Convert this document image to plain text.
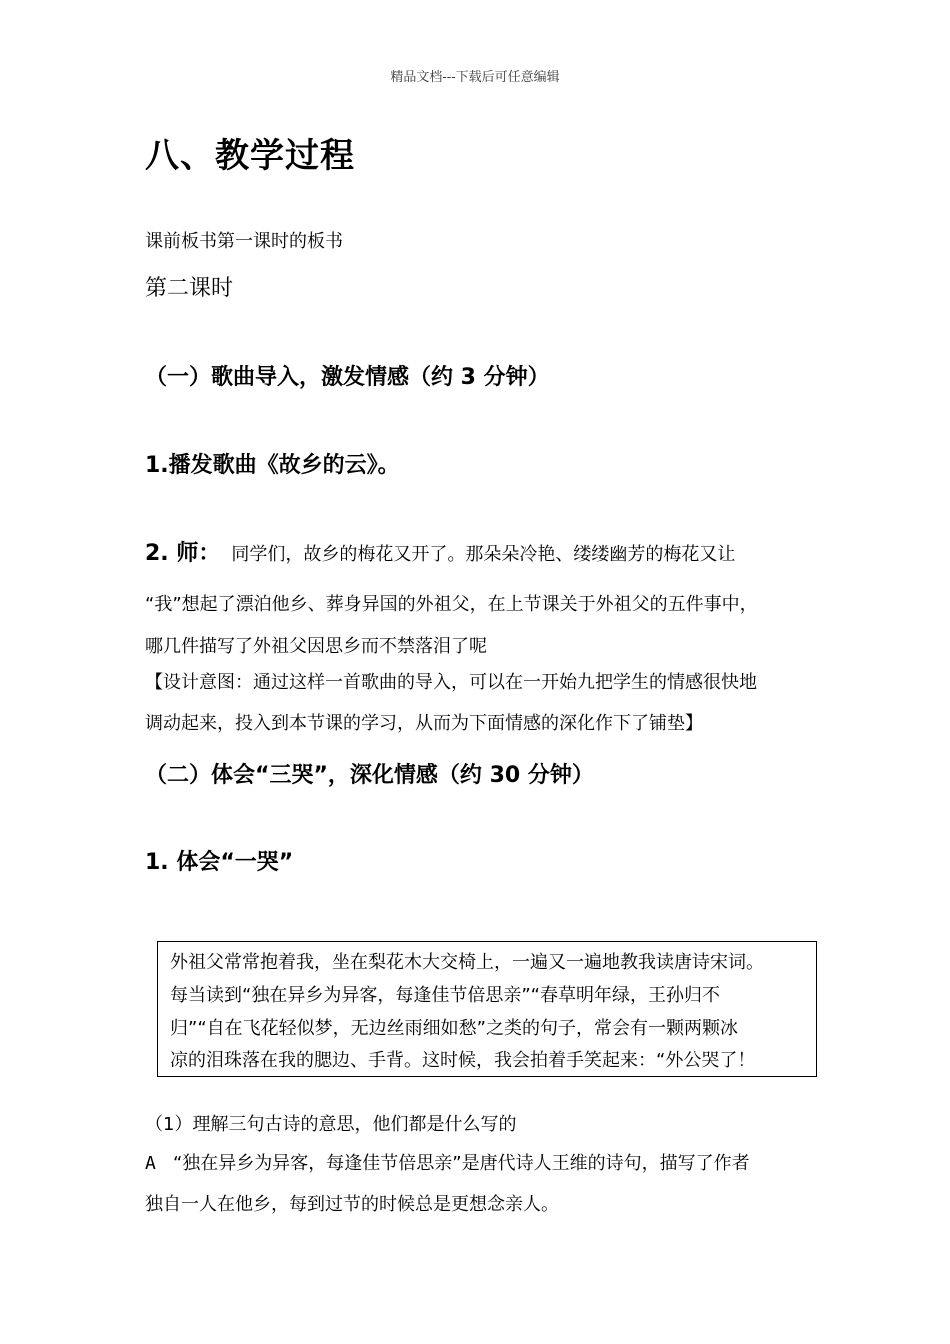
精品文档---下载后可任意编辑
八、教学过程
课前板书第一课时的板书
第二课时
（一）歌曲导入，激发情感（约 3 分钟）
1.播发歌曲《故乡的云》。
2. 师： 同学们，故乡的梅花又开了。那朵朵冷艳、缕缕幽芳的梅花又让
“我”想起了漂泊他乡、葬身异国的外祖父，在上节课关于外祖父的五件事中，
哪几件描写了外祖父因思乡而不禁落泪了呢
【设计意图：通过这样一首歌曲的导入，可以在一开始九把学生的情感很快地
调动起来，投入到本节课的学习，从而为下面情感的深化作下了铺垫】
（二）体会“三哭”，深化情感（约 30 分钟）
1. 体会“一哭”
外祖父常常抱着我，坐在梨花木大交椅上，一遍又一遍地教我读唐诗宋词。
每当读到“独在异乡为异客，每逢佳节倍思亲”“春草明年绿，王孙归不
归”“自在飞花轻似梦，无边丝雨细如愁”之类的句子，常会有一颗两颗冰
凉的泪珠落在我的腮边、手背。这时候，我会拍着手笑起来：“外公哭了！
（1）理解三句古诗的意思，他们都是什么写的
A “独在异乡为异客，每逢佳节倍思亲”是唐代诗人王维的诗句，描写了作者
独自一人在他乡，每到过节的时候总是更想念亲人。
